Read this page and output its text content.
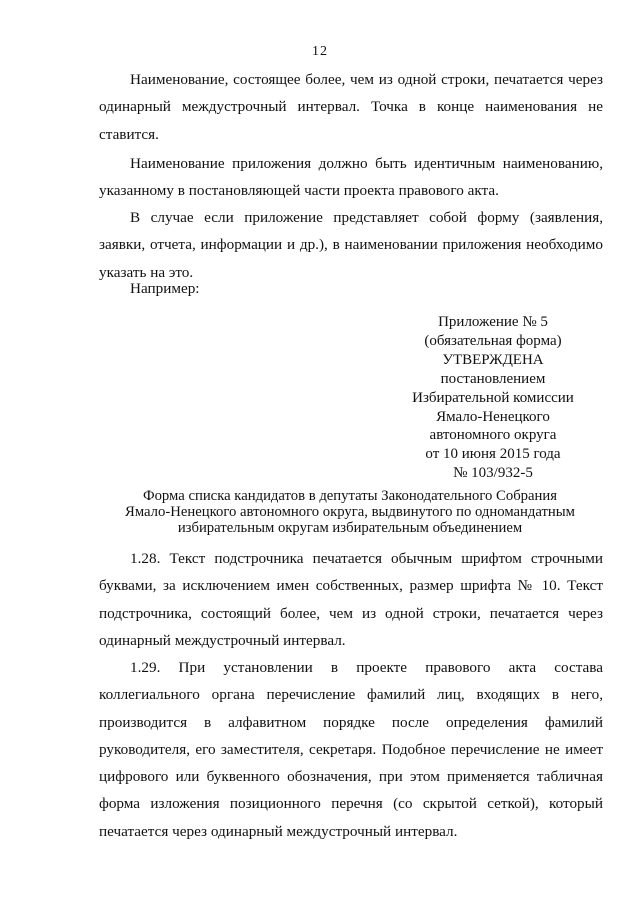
12

Наименование, состоящее более, чем из одной строки, печатается через одинарный междустрочный интервал. Точка в конце наименования не ставится.

Наименование приложения должно быть идентичным наименованию, указанному в постановляющей части проекта правового акта.

В случае если приложение представляет собой форму (заявления, заявки, отчета, информации и др.), в наименовании приложения необходимо указать на это.

Например:

Приложение № 5
(обязательная форма)
УТВЕРЖДЕНА
постановлением
Избирательной комиссии
Ямало-Ненецкого
автономного округа
от 10 июня 2015 года
№ 103/932-5
Форма списка кандидатов в депутаты Законодательного Собрания
Ямало-Ненецкого автономного округа, выдвинутого по одномандатным
избирательным округам избирательным объединением

1.28. Текст подстрочника печатается обычным шрифтом строчными буквами, за исключением имен собственных, размер шрифта № 10. Текст подстрочника, состоящий более, чем из одной строки, печатается через одинарный междустрочный интервал.

1.29. При установлении в проекте правового акта состава коллегиального органа перечисление фамилий лиц, входящих в него, производится в алфавитном порядке после определения фамилий руководителя, его заместителя, секретаря. Подобное перечисление не имеет цифрового или буквенного обозначения, при этом применяется табличная форма изложения позиционного перечня (со скрытой сеткой), который печатается через одинарный междустрочный интервал.
